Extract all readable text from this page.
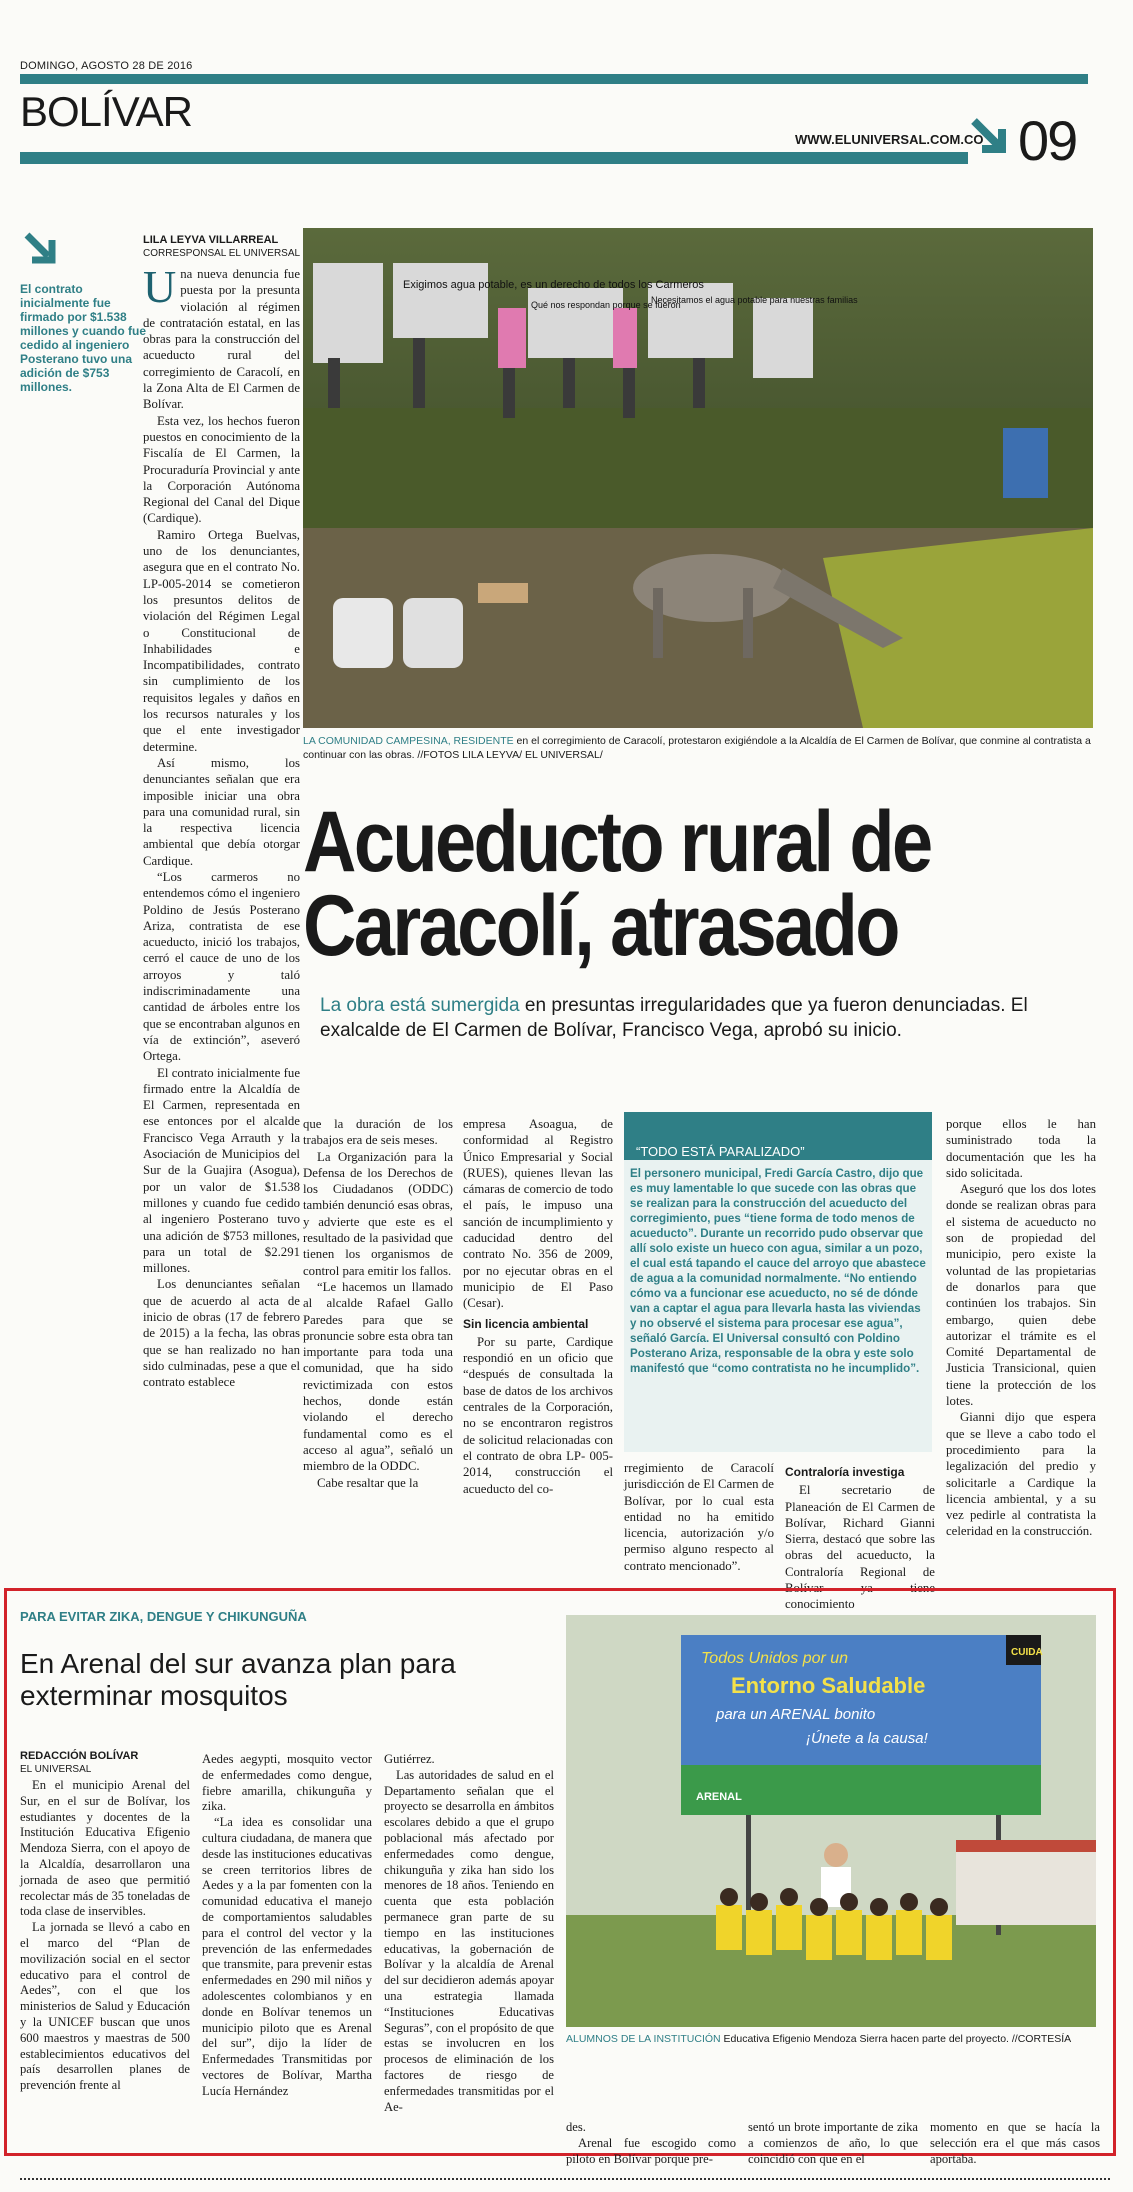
DOMINGO, AGOSTO 28 DE 2016
BOLÍVAR
WWW.ELUNIVERSAL.COM.CO 09
El contrato inicialmente fue firmado por $1.538 millones y cuando fue cedido al ingeniero Posterano tuvo una adición de $753 millones.
LILA LEYVA VILLARREAL
CORRESPONSAL EL UNIVERSAL
U na nueva denuncia fue puesta por la presunta violación al régimen de contratación estatal, en las obras para la construcción del acueducto rural del corregimiento de Caracolí, en la Zona Alta de El Carmen de Bolívar.

Esta vez, los hechos fueron puestos en conocimiento de la Fiscalía de El Carmen, la Procuraduría Provincial y ante la Corporación Autónoma Regional del Canal del Dique (Cardique).

Ramiro Ortega Buelvas, uno de los denunciantes, asegura que en el contrato No. LP-005-2014 se cometieron los presuntos delitos de violación del Régimen Legal o Constitucional de Inhabilidades e Incompatibilidades, contrato sin cumplimiento de los requisitos legales y daños en los recursos naturales y los que el ente investigador determine.

Así mismo, los denunciantes señalan que era imposible iniciar una obra para una comunidad rural, sin la respectiva licencia ambiental que debía otorgar Cardique.

“Los carmeros no entendemos cómo el ingeniero Poldino de Jesús Posterano Ariza, contratista de ese acueducto, inició los trabajos, cerró el cauce de uno de los arroyos y taló indiscriminadamente una cantidad de árboles entre los que se encontraban algunos en vía de extinción”, aseveró Ortega.

El contrato inicialmente fue firmado entre la Alcaldía de El Carmen, representada en ese entonces por el alcalde Francisco Vega Arrauth y la Asociación de Municipios del Sur de la Guajira (Asogua), por un valor de $1.538 millones y cuando fue cedido al ingeniero Posterano tuvo una adición de $753 millones, para un total de $2.291 millones.

Los denunciantes señalan que de acuerdo al acta de inicio de obras (17 de febrero de 2015) a la fecha, las obras que se han realizado no han sido culminadas, pese a que el contrato establece

Exigimos agua potable, es un derecho de todos los Carmeros
Qué nos respondan porque se fueron
Necesitamos el agua potable para nuestras familias
LA COMUNIDAD CAMPESINA, RESIDENTE en el corregimiento de Caracolí, protestaron exigiéndole a la Alcaldía de El Carmen de Bolívar, que conmine al contratista a continuar con las obras. //FOTOS LILA LEYVA/ EL UNIVERSAL/
Acueducto rural de
Caracolí, atrasado
La obra está sumergida en presuntas irregularidades que ya fueron denunciadas. El exalcalde de El Carmen de Bolívar, Francisco Vega, aprobó su inicio.

que la duración de los trabajos era de seis meses.

La Organización para la Defensa de los Derechos de los Ciudadanos (ODDC) también denunció esas obras, y advierte que este es el resultado de la pasividad que tienen los organismos de control para emitir los fallos.

“Le hacemos un llamado al alcalde Rafael Gallo Paredes para que se pronuncie sobre esta obra tan importante para toda una comunidad, que ha sido revictimizada con estos hechos, donde están violando el derecho fundamental como es el acceso al agua”, señaló un miembro de la ODDC.

Cabe resaltar que la

empresa Asoagua, de conformidad al Registro Único Empresarial y Social (RUES), quienes llevan las cámaras de comercio de todo el país, le impuso una sanción de incumplimiento y caducidad dentro del contrato No. 356 de 2009, por no ejecutar obras en el municipio de El Paso (Cesar).

Sin licencia ambiental

Por su parte, Cardique respondió en un oficio que “después de consultada la base de datos de los archivos centrales de la Corporación, no se encontraron registros de solicitud relacionadas con el contrato de obra LP- 005-2014, construcción el acueducto del co-

“TODO ESTÁ PARALIZADO”
El personero municipal, Fredi García Castro, dijo que es muy lamentable lo que sucede con las obras que se realizan para la construcción del acueducto del corregimiento, pues “tiene forma de todo menos de acueducto”. Durante un recorrido pudo observar que allí solo existe un hueco con agua, similar a un pozo, el cual está tapando el cauce del arroyo que abastece de agua a la comunidad normalmente. “No entiendo cómo va a funcionar ese acueducto, no sé de dónde van a captar el agua para llevarla hasta las viviendas y no observé el sistema para procesar ese agua”, señaló García. El Universal consultó con Poldino Posterano Ariza, responsable de la obra y este solo manifestó que “como contratista no he incumplido”.

rregimiento de Caracolí jurisdicción de El Carmen de Bolívar, por lo cual esta entidad no ha emitido licencia, autorización y/o permiso alguno respecto al contrato mencionado”.

Contraloría investiga

El secretario de Planeación de El Carmen de Bolívar, Richard Gianni Sierra, destacó que sobre las obras del acueducto, la Contraloría Regional de Bolívar ya tiene conocimiento

porque ellos le han suministrado toda la documentación que les ha sido solicitada.

Aseguró que los dos lotes donde se realizan obras para el sistema de acueducto no son de propiedad del municipio, pero existe la voluntad de las propietarias de donarlos para que continúen los trabajos. Sin embargo, quien debe autorizar el trámite es el Comité Departamental de Justicia Transicional, quien tiene la protección de los lotes.

Gianni dijo que espera que se lleve a cabo todo el procedimiento para la legalización del predio y solicitarle a Cardique la licencia ambiental, y a su vez pedirle al contratista la celeridad en la construcción.

PARA EVITAR ZIKA, DENGUE Y CHIKUNGUÑA
En Arenal del sur avanza plan para exterminar mosquitos
REDACCIÓN BOLÍVAR
EL UNIVERSAL

En el municipio Arenal del Sur, en el sur de Bolívar, los estudiantes y docentes de la Institución Educativa Efigenio Mendoza Sierra, con el apoyo de la Alcaldía, desarrollaron una jornada de aseo que permitió recolectar más de 35 toneladas de toda clase de inservibles.

La jornada se llevó a cabo en el marco del “Plan de movilización social en el sector educativo para el control de Aedes”, con el que los ministerios de Salud y Educación y la UNICEF buscan que unos 600 maestros y maestras de 500 establecimientos educativos del país desarrollen planes de prevención frente al

Aedes aegypti, mosquito vector de enfermedades como dengue, fiebre amarilla, chikunguña y zika.

“La idea es consolidar una cultura ciudadana, de manera que desde las instituciones educativas se creen territorios libres de Aedes y a la par fomenten con la comunidad educativa el manejo de comportamientos saludables para el control del vector y la prevención de las enfermedades que transmite, para prevenir estas enfermedades en 290 mil niños y adolescentes colombianos y en donde en Bolívar tenemos un municipio piloto que es Arenal del sur”, dijo la líder de Enfermedades Transmitidas por vectores de Bolívar, Martha Lucía Hernández

Gutiérrez.

Las autoridades de salud en el Departamento señalan que el proyecto se desarrolla en ámbitos escolares debido a que el grupo poblacional más afectado por enfermedades como dengue, chikunguña y zika han sido los menores de 18 años. Teniendo en cuenta que esta población permanece gran parte de su tiempo en las instituciones educativas, la gobernación de Bolívar y la alcaldía de Arenal del sur decidieron además apoyar una estrategia llamada “Instituciones Educativas Seguras”, con el propósito de que estas se involucren en los procesos de eliminación de los factores de riesgo de enfermedades transmitidas por el Ae-

Todos Unidos por un
Entorno Saludable
para un ARENAL bonito
¡Únete a la causa!
CUIDA
ARENAL
ALUMNOS DE LA INSTITUCIÓN Educativa Efigenio Mendoza Sierra hacen parte del proyecto. //CORTESÍA

des.

Arenal fue escogido como piloto en Bolívar porque pre-

sentó un brote importante de zika a comienzos de año, lo que coincidió con que en el

momento en que se hacía la selección era el que más casos aportaba.
